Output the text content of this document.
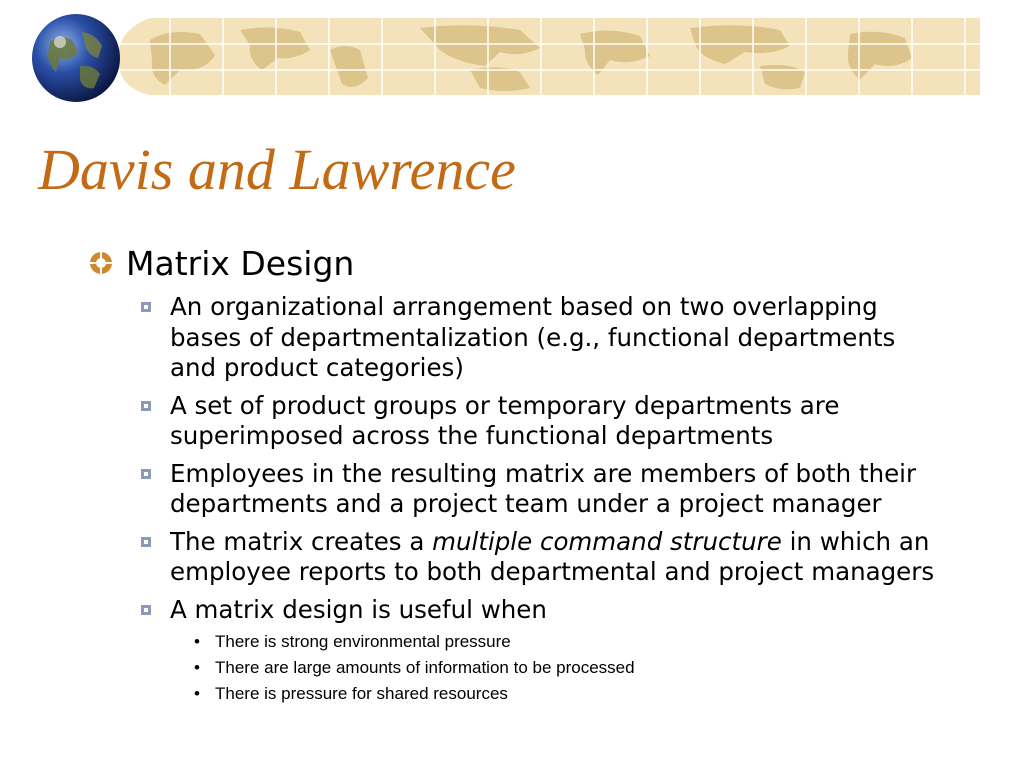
Davis and Lawrence
Matrix Design
An organizational arrangement based on two overlapping bases of departmentalization (e.g., functional departments and product categories)
A set of product groups or temporary departments are superimposed across the functional departments
Employees in the resulting matrix are members of both their departments and a project team under a project manager
The matrix creates a multiple command structure in which an employee reports to both departmental and project managers
A matrix design is useful when
• There is strong environmental pressure
• There are large amounts of information to be processed
• There is pressure for shared resources
